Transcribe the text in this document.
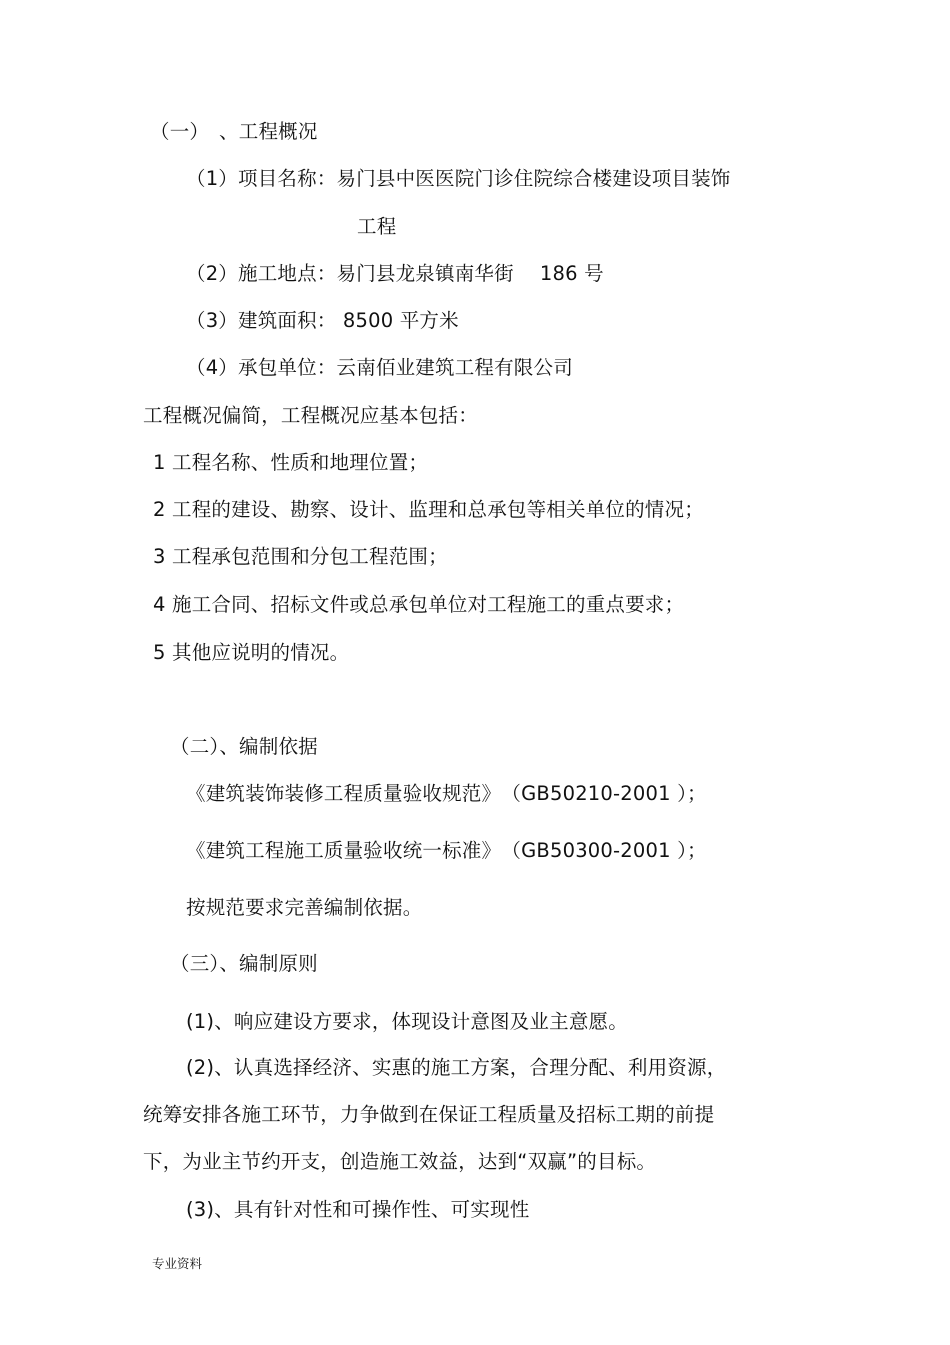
（一）　、工程概况
（1）项目名称：易门县中医医院门诊住院综合楼建设项目装饰
工程
（2）施工地点：易门县龙泉镇南华街　 186 号
（3）建筑面积： 8500 平方米
（4）承包单位：云南佰业建筑工程有限公司
工程概况偏简，工程概况应基本包括：
1 工程名称、性质和地理位置；
2 工程的建设、勘察、设计、监理和总承包等相关单位的情况；
3 工程承包范围和分包工程范围；
4 施工合同、招标文件或总承包单位对工程施工的重点要求；
5 其他应说明的情况。
（二）、编制依据
《建筑装饰装修工程质量验收规范》　（GB50210-2001 ）；
《建筑工程施工质量验收统一标准》　（GB50300-2001 ）；
按规范要求完善编制依据。
（三）、编制原则
(1)、响应建设方要求，体现设计意图及业主意愿。
(2)、认真选择经济、实惠的施工方案，合理分配、利用资源，
统筹安排各施工环节，力争做到在保证工程质量及招标工期的前提
下，为业主节约开支，创造施工效益，达到“双赢”的目标。
(3)、具有针对性和可操作性、可实现性
专业资料
